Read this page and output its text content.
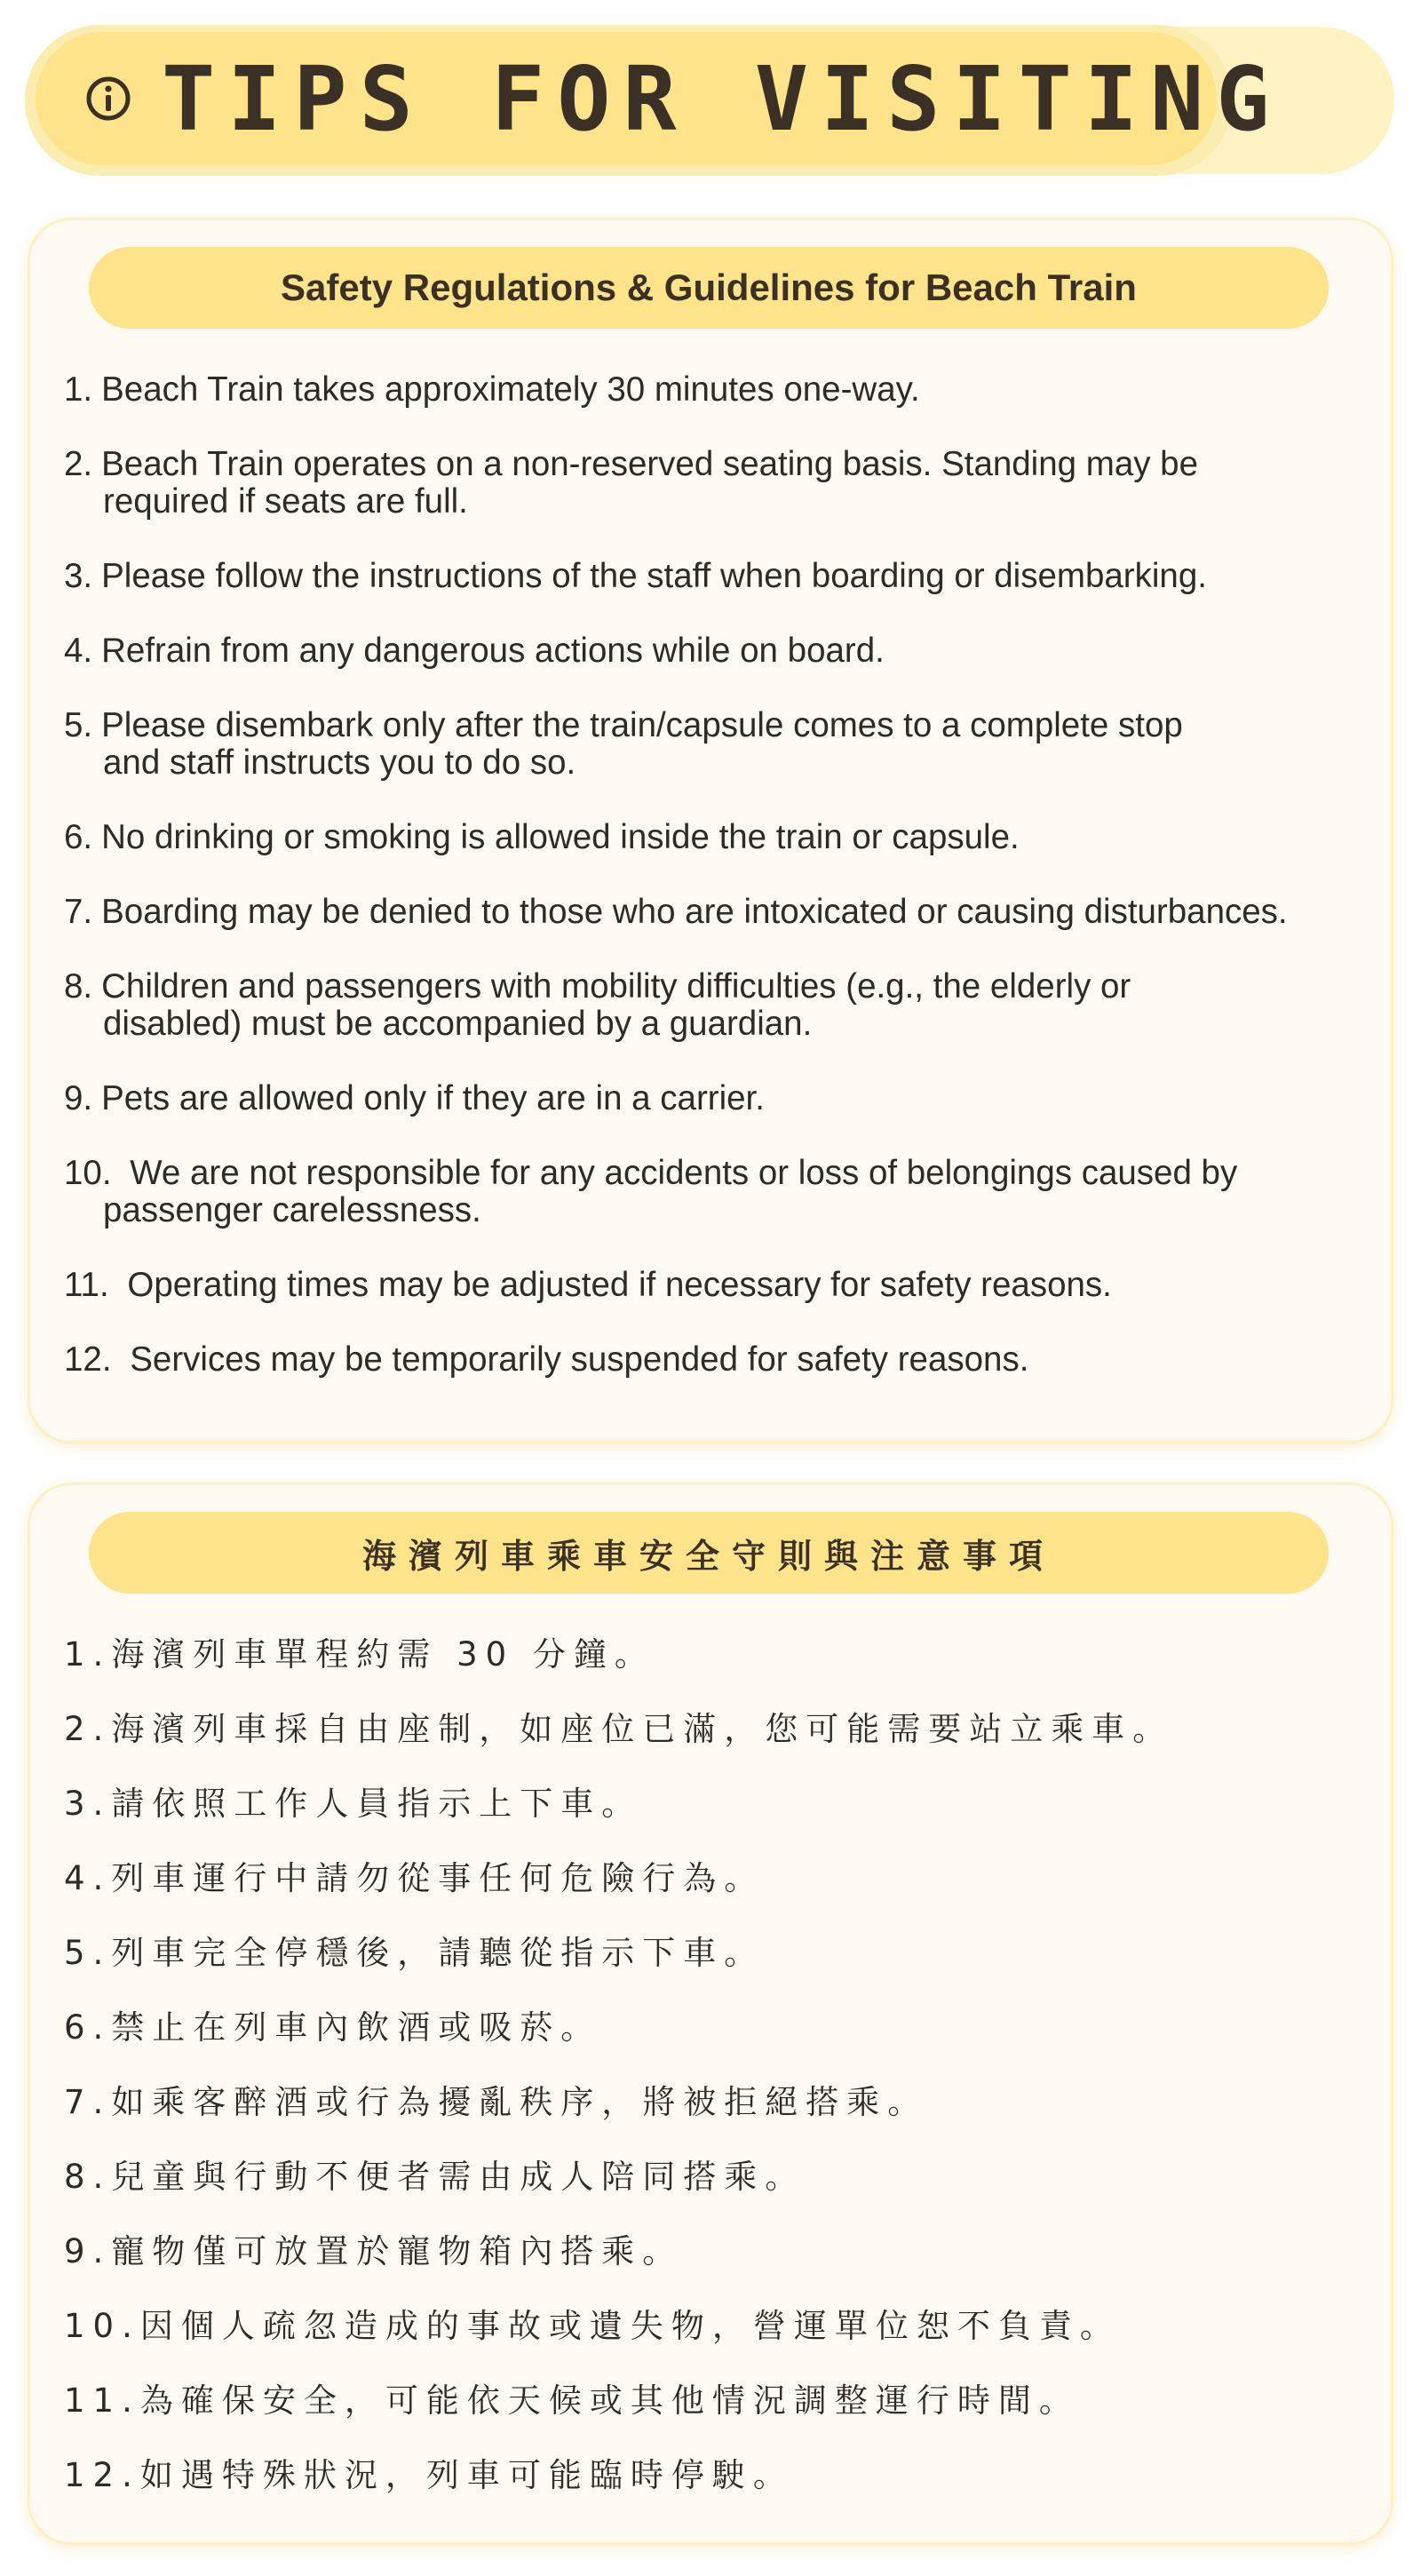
TIPS FOR VISITING
Safety Regulations & Guidelines for Beach Train
1. Beach Train takes approximately 30 minutes one-way.
2. Beach Train operates on a non-reserved seating basis. Standing may be
required if seats are full.
3. Please follow the instructions of the staff when boarding or disembarking.
4. Refrain from any dangerous actions while on board.
5. Please disembark only after the train/capsule comes to a complete stop
and staff instructs you to do so.
6. No drinking or smoking is allowed inside the train or capsule.
7. Boarding may be denied to those who are intoxicated or causing disturbances.
8. Children and passengers with mobility difficulties (e.g., the elderly or
disabled) must be accompanied by a guardian.
9. Pets are allowed only if they are in a carrier.
10. We are not responsible for any accidents or loss of belongings caused by
passenger carelessness.
11. Operating times may be adjusted if necessary for safety reasons.
12. Services may be temporarily suspended for safety reasons.
海濱列車乘車安全守則與注意事項
1.海濱列車單程約需 30 分鐘。
2.海濱列車採自由座制，如座位已滿，您可能需要站立乘車。
3.請依照工作人員指示上下車。
4.列車運行中請勿從事任何危險行為。
5.列車完全停穩後，請聽從指示下車。
6.禁止在列車內飲酒或吸菸。
7.如乘客醉酒或行為擾亂秩序，將被拒絕搭乘。
8.兒童與行動不便者需由成人陪同搭乘。
9.寵物僅可放置於寵物箱內搭乘。
10.因個人疏忽造成的事故或遺失物，營運單位恕不負責。
11.為確保安全，可能依天候或其他情況調整運行時間。
12.如遇特殊狀況，列車可能臨時停駛。
